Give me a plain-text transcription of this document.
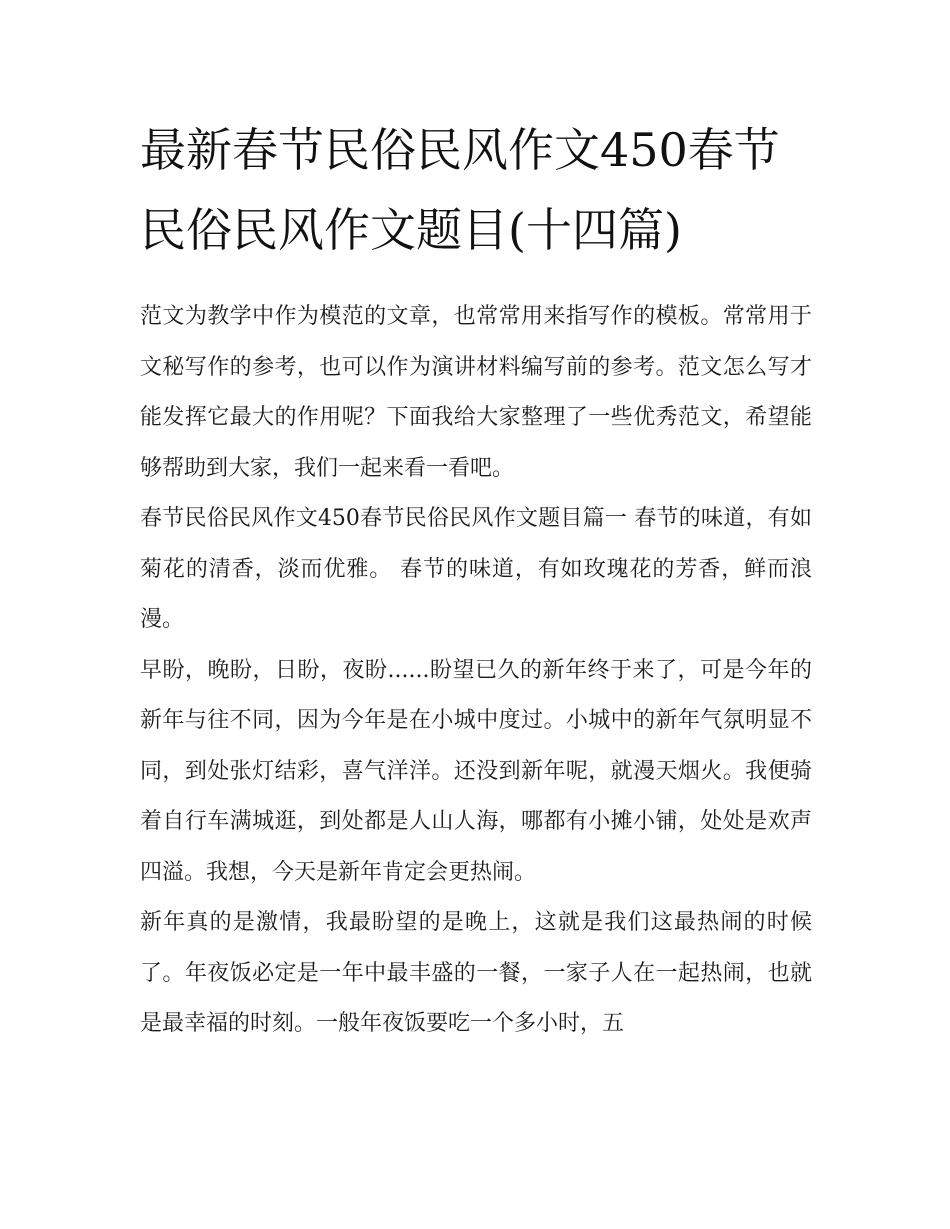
最新春节民俗民风作文450春节民俗民风作文题目(十四篇)

范文为教学中作为模范的文章，也常常用来指写作的模板。常常用于文秘写作的参考，也可以作为演讲材料编写前的参考。范文怎么写才能发挥它最大的作用呢？下面我给大家整理了一些优秀范文，希望能够帮助到大家，我们一起来看一看吧。

春节民俗民风作文450春节民俗民风作文题目篇一 春节的味道，有如菊花的清香，淡而优雅。 春节的味道，有如玫瑰花的芳香，鲜而浪漫。

早盼，晚盼，日盼，夜盼......盼望已久的新年终于来了，可是今年的新年与往不同，因为今年是在小城中度过。小城中的新年气氛明显不同，到处张灯结彩，喜气洋洋。还没到新年呢，就漫天烟火。我便骑着自行车满城逛，到处都是人山人海，哪都有小摊小铺，处处是欢声四溢。我想，今天是新年肯定会更热闹。

新年真的是激情，我最盼望的是晚上，这就是我们这最热闹的时候了。年夜饭必定是一年中最丰盛的一餐，一家子人在一起热闹，也就是最幸福的时刻。一般年夜饭要吃一个多小时，五
